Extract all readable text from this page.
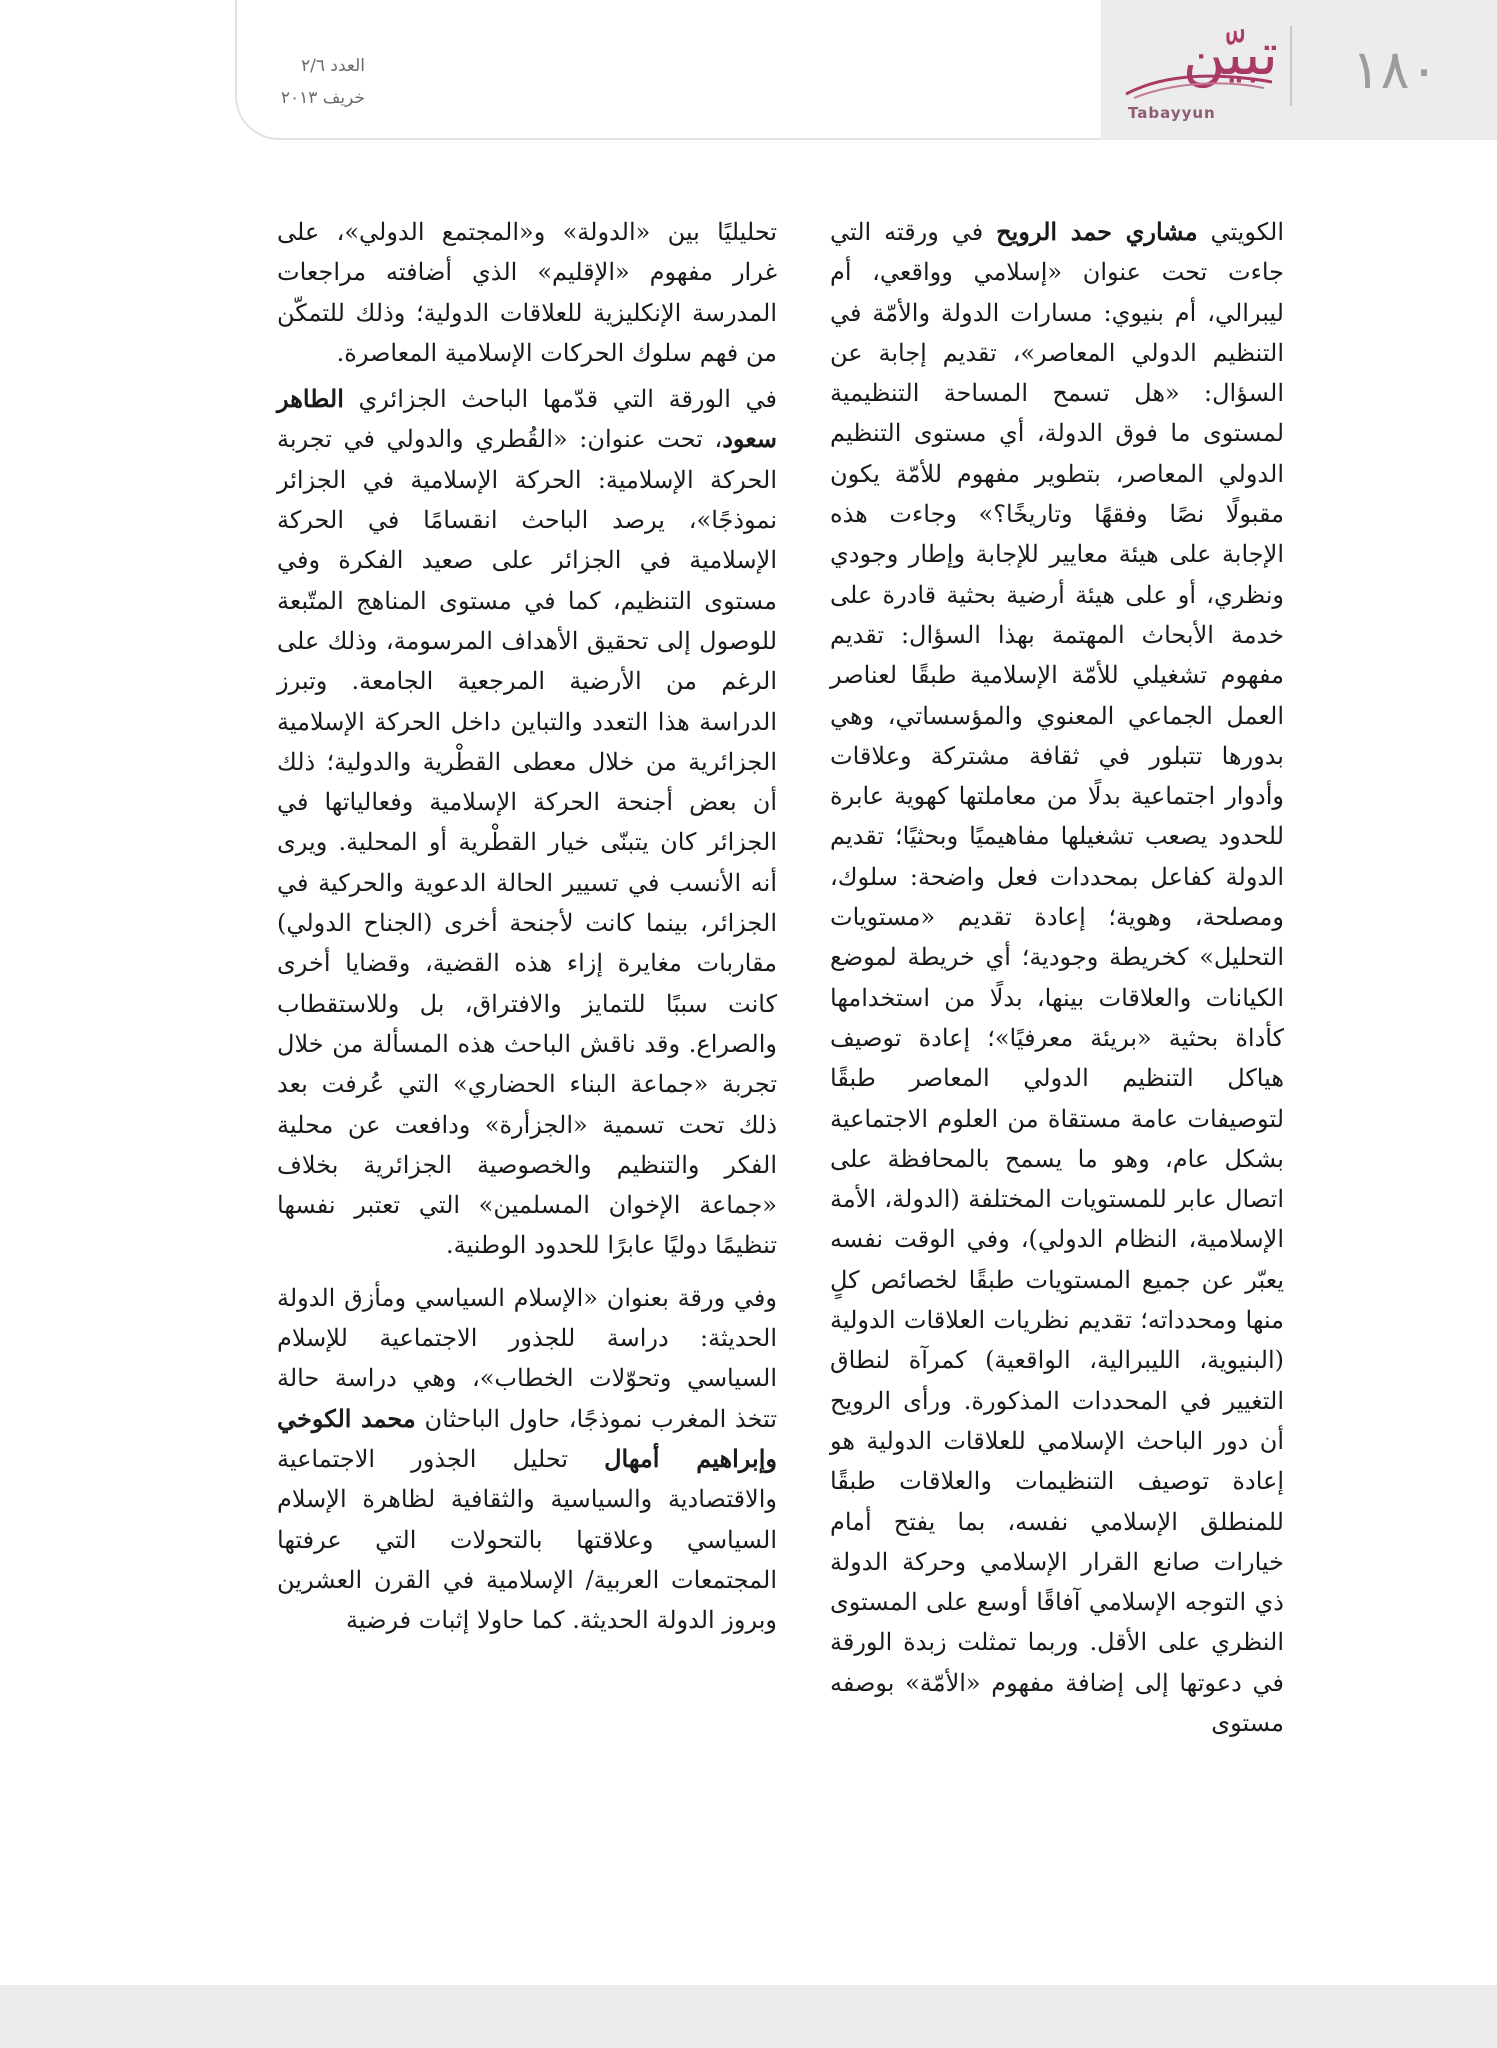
العدد ٢/٦
خريف ٢٠١٣
تبيّن
Tabayyun
١٨٠

الكويتي مشاري حمد الرويح في ورقته التي جاءت تحت عنوان «إسلامي وواقعي، أم ليبرالي، أم بنيوي: مسارات الدولة والأمّة في التنظيم الدولي المعاصر»، تقديم إجابة عن السؤال: «هل تسمح المساحة التنظيمية لمستوى ما فوق الدولة، أي مستوى التنظيم الدولي المعاصر، بتطوير مفهوم للأمّة يكون مقبولًا نصًا وفقهًا وتاريخًا؟» وجاءت هذه الإجابة على هيئة معايير للإجابة وإطار وجودي ونظري، أو على هيئة أرضية بحثية قادرة على خدمة الأبحاث المهتمة بهذا السؤال: تقديم مفهوم تشغيلي للأمّة الإسلامية طبقًا لعناصر العمل الجماعي المعنوي والمؤسساتي، وهي بدورها تتبلور في ثقافة مشتركة وعلاقات وأدوار اجتماعية بدلًا من معاملتها كهوية عابرة للحدود يصعب تشغيلها مفاهيميًا وبحثيًا؛ تقديم الدولة كفاعل بمحددات فعل واضحة: سلوك، ومصلحة، وهوية؛ إعادة تقديم «مستويات التحليل» كخريطة وجودية؛ أي خريطة لموضع الكيانات والعلاقات بينها، بدلًا من استخدامها كأداة بحثية «بريئة معرفيًا»؛ إعادة توصيف هياكل التنظيم الدولي المعاصر طبقًا لتوصيفات عامة مستقاة من العلوم الاجتماعية بشكل عام، وهو ما يسمح بالمحافظة على اتصال عابر للمستويات المختلفة (الدولة، الأمة الإسلامية، النظام الدولي)، وفي الوقت نفسه يعبّر عن جميع المستويات طبقًا لخصائص كلٍ منها ومحدداته؛ تقديم نظريات العلاقات الدولية (البنيوية، الليبرالية، الواقعية) كمرآة لنطاق التغيير في المحددات المذكورة. ورأى الرويح أن دور الباحث الإسلامي للعلاقات الدولية هو إعادة توصيف التنظيمات والعلاقات طبقًا للمنطلق الإسلامي نفسه، بما يفتح أمام خيارات صانع القرار الإسلامي وحركة الدولة ذي التوجه الإسلامي آفاقًا أوسع على المستوى النظري على الأقل. وربما تمثلت زبدة الورقة في دعوتها إلى إضافة مفهوم «الأمّة» بوصفه مستوى

تحليليًا بين «الدولة» و«المجتمع الدولي»، على غرار مفهوم «الإقليم» الذي أضافته مراجعات المدرسة الإنكليزية للعلاقات الدولية؛ وذلك للتمكّن من فهم سلوك الحركات الإسلامية المعاصرة.

في الورقة التي قدّمها الباحث الجزائري الطاهر سعود، تحت عنوان: «القُطري والدولي في تجربة الحركة الإسلامية: الحركة الإسلامية في الجزائر نموذجًا»، يرصد الباحث انقسامًا في الحركة الإسلامية في الجزائر على صعيد الفكرة وفي مستوى التنظيم، كما في مستوى المناهج المتّبعة للوصول إلى تحقيق الأهداف المرسومة، وذلك على الرغم من الأرضية المرجعية الجامعة. وتبرز الدراسة هذا التعدد والتباين داخل الحركة الإسلامية الجزائرية من خلال معطى القطْرية والدولية؛ ذلك أن بعض أجنحة الحركة الإسلامية وفعالياتها في الجزائر كان يتبنّى خيار القطْرية أو المحلية. ويرى أنه الأنسب في تسيير الحالة الدعوية والحركية في الجزائر، بينما كانت لأجنحة أخرى (الجناح الدولي) مقاربات مغايرة إزاء هذه القضية، وقضايا أخرى كانت سببًا للتمايز والافتراق، بل وللاستقطاب والصراع. وقد ناقش الباحث هذه المسألة من خلال تجربة «جماعة البناء الحضاري» التي عُرفت بعد ذلك تحت تسمية «الجزأرة» ودافعت عن محلية الفكر والتنظيم والخصوصية الجزائرية بخلاف «جماعة الإخوان المسلمين» التي تعتبر نفسها تنظيمًا دوليًا عابرًا للحدود الوطنية.

وفي ورقة بعنوان «الإسلام السياسي ومأزق الدولة الحديثة: دراسة للجذور الاجتماعية للإسلام السياسي وتحوّلات الخطاب»، وهي دراسة حالة تتخذ المغرب نموذجًا، حاول الباحثان محمد الكوخي وإبراهيم أمهال تحليل الجذور الاجتماعية والاقتصادية والسياسية والثقافية لظاهرة الإسلام السياسي وعلاقتها بالتحولات التي عرفتها المجتمعات العربية/ الإسلامية في القرن العشرين وبروز الدولة الحديثة. كما حاولا إثبات فرضية
